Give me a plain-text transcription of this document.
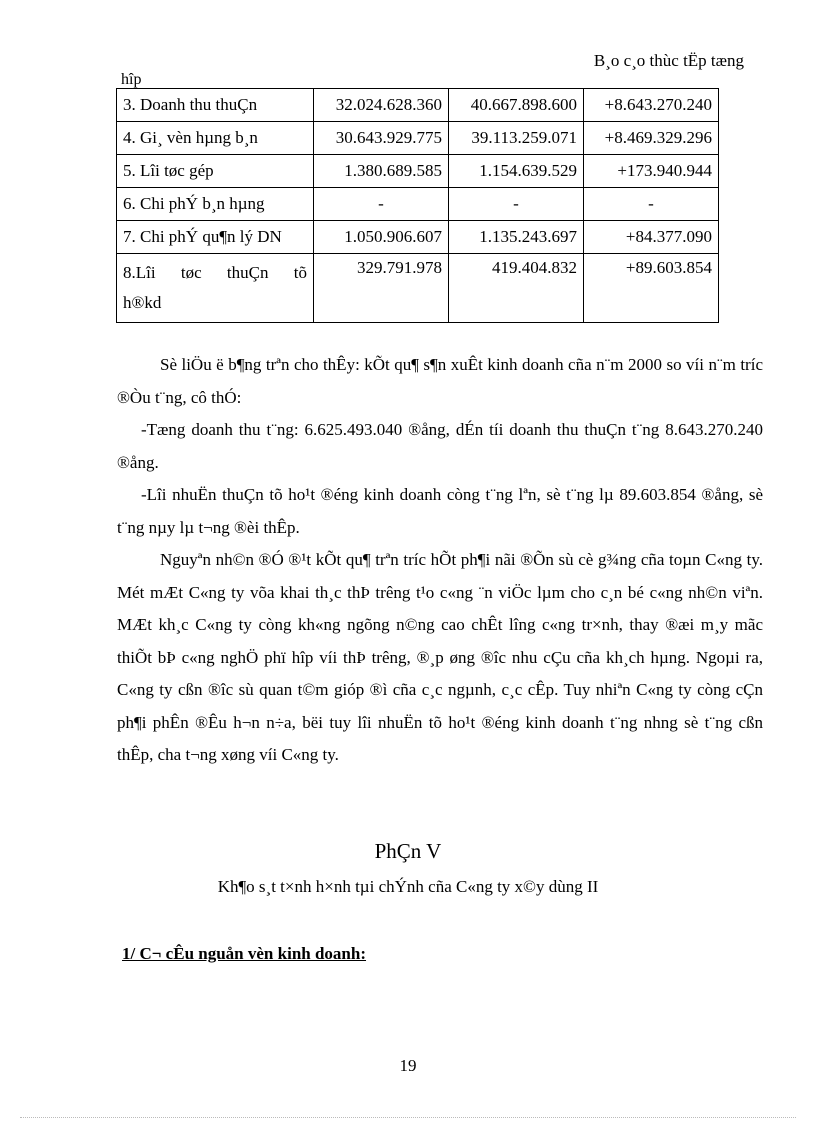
B¸o c¸o thùc tËp tæng
hîp
3. Doanh thu thuÇn	32.024.628.360	40.667.898.600	+8.643.270.240
4. Gi¸ vèn hµng b¸n	30.643.929.775	39.113.259.071	+8.469.329.296
5. Lîi tøc gép	1.380.689.585	1.154.639.529	+173.940.944
6. Chi phÝ b¸n hµng	-	-	-
7. Chi phÝ qu¶n lý DN	1.050.906.607	1.135.243.697	+84.377.090

8.Lîi tøc thuÇn tõ
h®kd	329.791.978	419.404.832	+89.603.854

Sè liÖu ë b¶ng trªn cho thÊy: kÕt qu¶ s¶n xuÊt kinh doanh cña n¨m 2000 so víi n¨m tríc ®Òu t¨ng, cô thÓ:

-Tæng doanh thu t¨ng: 6.625.493.040 ®ång, dÉn tíi doanh thu thuÇn t¨ng 8.643.270.240 ®ång.

-Lîi nhuËn thuÇn tõ ho¹t ®éng kinh doanh còng t¨ng lªn, sè t¨ng lµ 89.603.854 ®ång, sè t¨ng nµy lµ t¬ng ®èi thÊp.

Nguyªn nh©n ®Ó ®¹t kÕt qu¶ trªn tríc hÕt ph¶i nãi ®Õn sù cè g¾ng cña toµn C«ng ty. Mét mÆt C«ng ty võa khai th¸c thÞ trêng t¹o c«ng ¨n viÖc lµm cho c¸n bé c«ng nh©n viªn. MÆt kh¸c C«ng ty còng kh«ng ngõng n©ng cao chÊt lîng c«ng tr×nh, thay ®æi m¸y mãc thiÕt bÞ c«ng nghÖ phï hîp víi thÞ trêng, ®¸p øng ®îc nhu cÇu cña kh¸ch hµng. Ngoµi ra, C«ng ty cßn ®îc sù quan t©m gióp ®ì cña c¸c ngµnh, c¸c cÊp. Tuy nhiªn C«ng ty còng cÇn ph¶i phÊn ®Êu h¬n n÷a, bëi tuy lîi nhuËn tõ ho¹t ®éng kinh doanh t¨ng nhng sè t¨ng cßn thÊp, cha t¬ng xøng víi C«ng ty.

PhÇn V
Kh¶o s¸t t×nh h×nh tµi chÝnh cña C«ng ty x©y dùng II
1/ C¬ cÊu nguån vèn kinh doanh:
19
